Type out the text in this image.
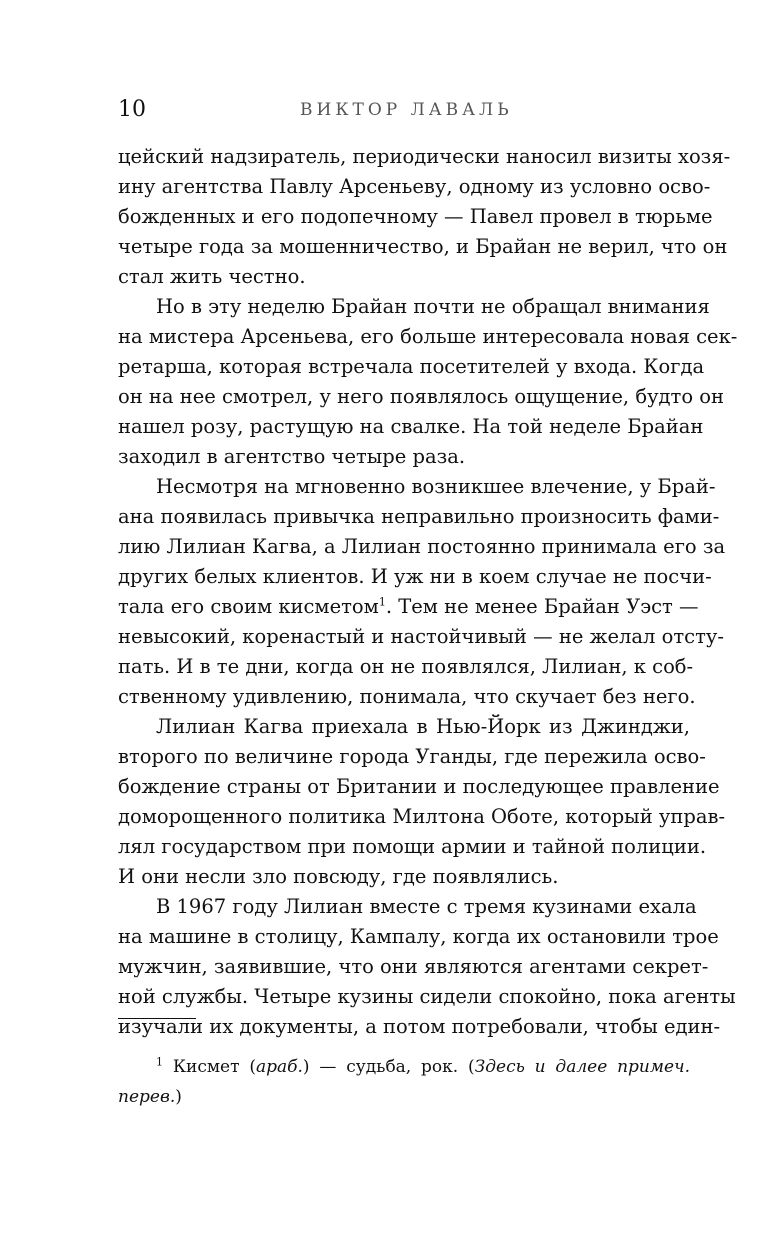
10	ВИКТОР ЛАВАЛЬ
цейский надзиратель, периодически наносил визиты хозя-
ину агентства Павлу Арсеньеву, одному из условно осво-
божденных и его подопечному — Павел провел в тюрьме
четыре года за мошенничество, и Брайан не верил, что он
стал жить честно.
Но в эту неделю Брайан почти не обращал внимания
на мистера Арсеньева, его больше интересовала новая сек-
ретарша, которая встречала посетителей у входа. Когда
он на нее смотрел, у него появлялось ощущение, будто он
нашел розу, растущую на свалке. На той неделе Брайан
заходил в агентство четыре раза.
Несмотря на мгновенно возникшее влечение, у Брай-
ана появилась привычка неправильно произносить фами-
лию Лилиан Кагва, а Лилиан постоянно принимала его за
других белых клиентов. И уж ни в коем случае не посчи-
тала его своим кисметом$^1$. Тем не менее Брайан Уэст —
невысокий, коренастый и настойчивый — не желал отсту-
пать. И в те дни, когда он не появлялся, Лилиан, к соб-
ственному удивлению, понимала, что скучает без него.
Лилиан Кагва приехала в Нью-Йорк из Джинджи,
второго по величине города Уганды, где пережила осво-
бождение страны от Британии и последующее правление
доморощенного политика Милтона Оботе, который управ-
лял государством при помощи армии и тайной полиции.
И они несли зло повсюду, где появлялись.
В 1967 году Лилиан вместе с тремя кузинами ехала
на машине в столицу, Кампалу, когда их остановили трое
мужчин, заявившие, что они являются агентами секрет-
ной службы. Четыре кузины сидели спокойно, пока агенты
изучали их документы, а потом потребовали, чтобы един-
$^1$ Кисмет (араб.) — судьба, рок. (Здесь и далее примеч.
перев.)
